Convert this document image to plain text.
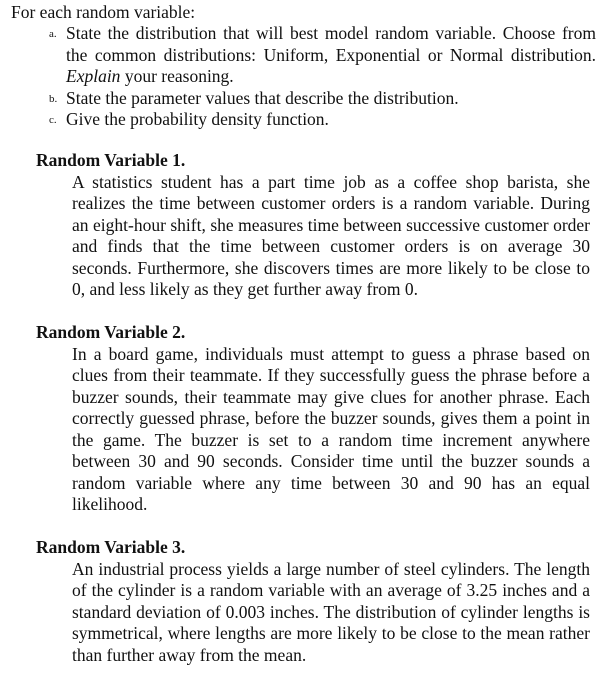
For each random variable:
a. State the distribution that will best model random variable. Choose from the common distributions: Uniform, Exponential or Normal distribution. Explain your reasoning.
b. State the parameter values that describe the distribution.
c. Give the probability density function.
Random Variable 1.
A statistics student has a part time job as a coffee shop barista, she realizes the time between customer orders is a random variable. During an eight-hour shift, she measures time between successive customer order and finds that the time between customer orders is on average 30 seconds. Furthermore, she discovers times are more likely to be close to 0, and less likely as they get further away from 0.
Random Variable 2.
In a board game, individuals must attempt to guess a phrase based on clues from their teammate. If they successfully guess the phrase before a buzzer sounds, their teammate may give clues for another phrase. Each correctly guessed phrase, before the buzzer sounds, gives them a point in the game. The buzzer is set to a random time increment anywhere between 30 and 90 seconds. Consider time until the buzzer sounds a random variable where any time between 30 and 90 has an equal likelihood.
Random Variable 3.
An industrial process yields a large number of steel cylinders. The length of the cylinder is a random variable with an average of 3.25 inches and a standard deviation of 0.003 inches. The distribution of cylinder lengths is symmetrical, where lengths are more likely to be close to the mean rather than further away from the mean.
